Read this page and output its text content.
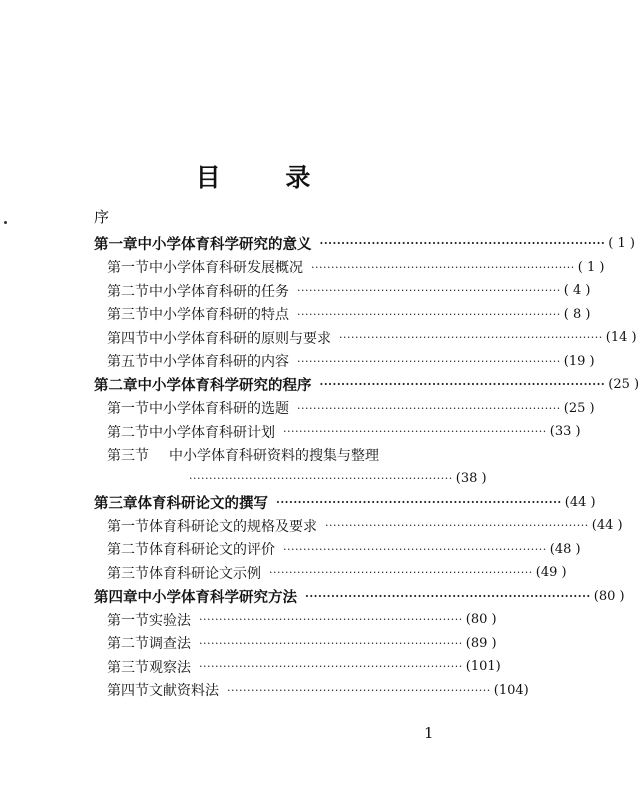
目 录
序
第一章 中小学体育科学研究的意义 ·································································· ( 1 )
第一节 中小学体育科研发展概况 ·································································· ( 1 )
第二节 中小学体育科研的任务 ·································································· ( 4 )
第三节 中小学体育科研的特点 ·································································· ( 8 )
第四节 中小学体育科研的原则与要求 ·································································· (14 )
第五节 中小学体育科研的内容 ·································································· (19 )
第二章 中小学体育科学研究的程序 ·································································· (25 )
第一节 中小学体育科研的选题 ·································································· (25 )
第二节 中小学体育科研计划 ·································································· (33 )
第三节	中小学体育科研资料的搜集与整理
·································································· (38 )
第三章 体育科研论文的撰写 ·································································· (44 )
第一节 体育科研论文的规格及要求 ·································································· (44 )
第二节 体育科研论文的评价 ·································································· (48 )
第三节 体育科研论文示例 ·································································· (49 )
第四章 中小学体育科学研究方法 ·································································· (80 )
第一节 实验法 ·································································· (80 )
第二节 调查法 ·································································· (89 )
第三节 观察法 ·································································· (101)
第四节 文献资料法 ·································································· (104)
1
